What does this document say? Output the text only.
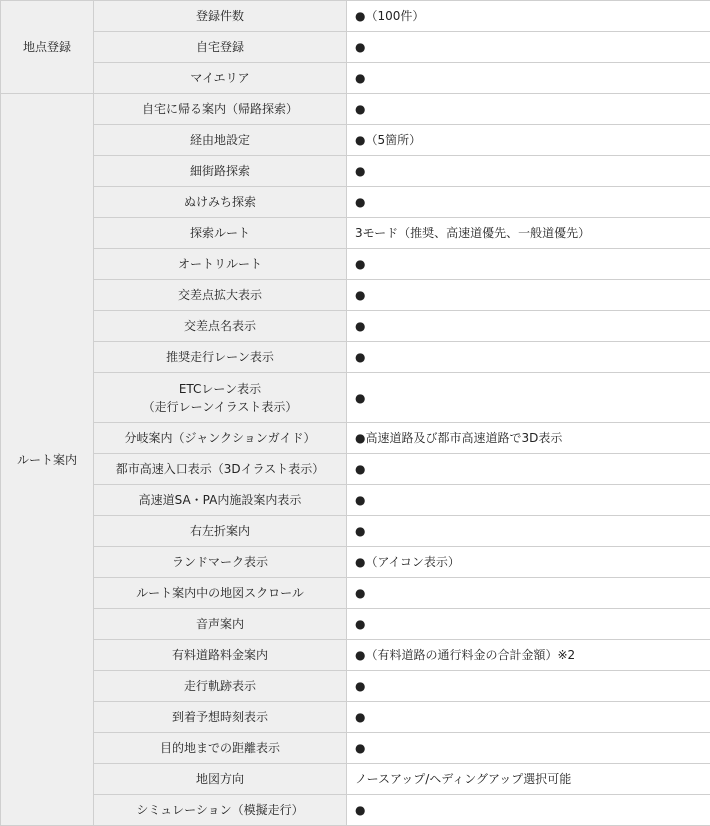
地点登録	登録件数	●（100件）

	自宅登録	●

	マイエリア	●
ルート案内	自宅に帰る案内（帰路探索）	●

	経由地設定	●（5箇所）

	細街路探索	●

	ぬけみち探索	●

	探索ルート	3モード（推奨、高速道優先、一般道優先）

	オートリルート	●

	交差点拡大表示	●

	交差点名表示	●

	推奨走行レーン表示	●

	ETCレーン表示
（走行レーンイラスト表示）	●

	分岐案内（ジャンクションガイド）	●高速道路及び都市高速道路で3D表示

	都市高速入口表示（3Dイラスト表示）	●

	高速道SA・PA内施設案内表示	●

	右左折案内	●

	ランドマーク表示	●（アイコン表示）

	ルート案内中の地図スクロール	●

	音声案内	●

	有料道路料金案内	●（有料道路の通行料金の合計金額）※2

	走行軌跡表示	●

	到着予想時刻表示	●

	目的地までの距離表示	●

	地図方向	ノースアップ/ヘディングアップ選択可能

	シミュレーション（模擬走行）	●
